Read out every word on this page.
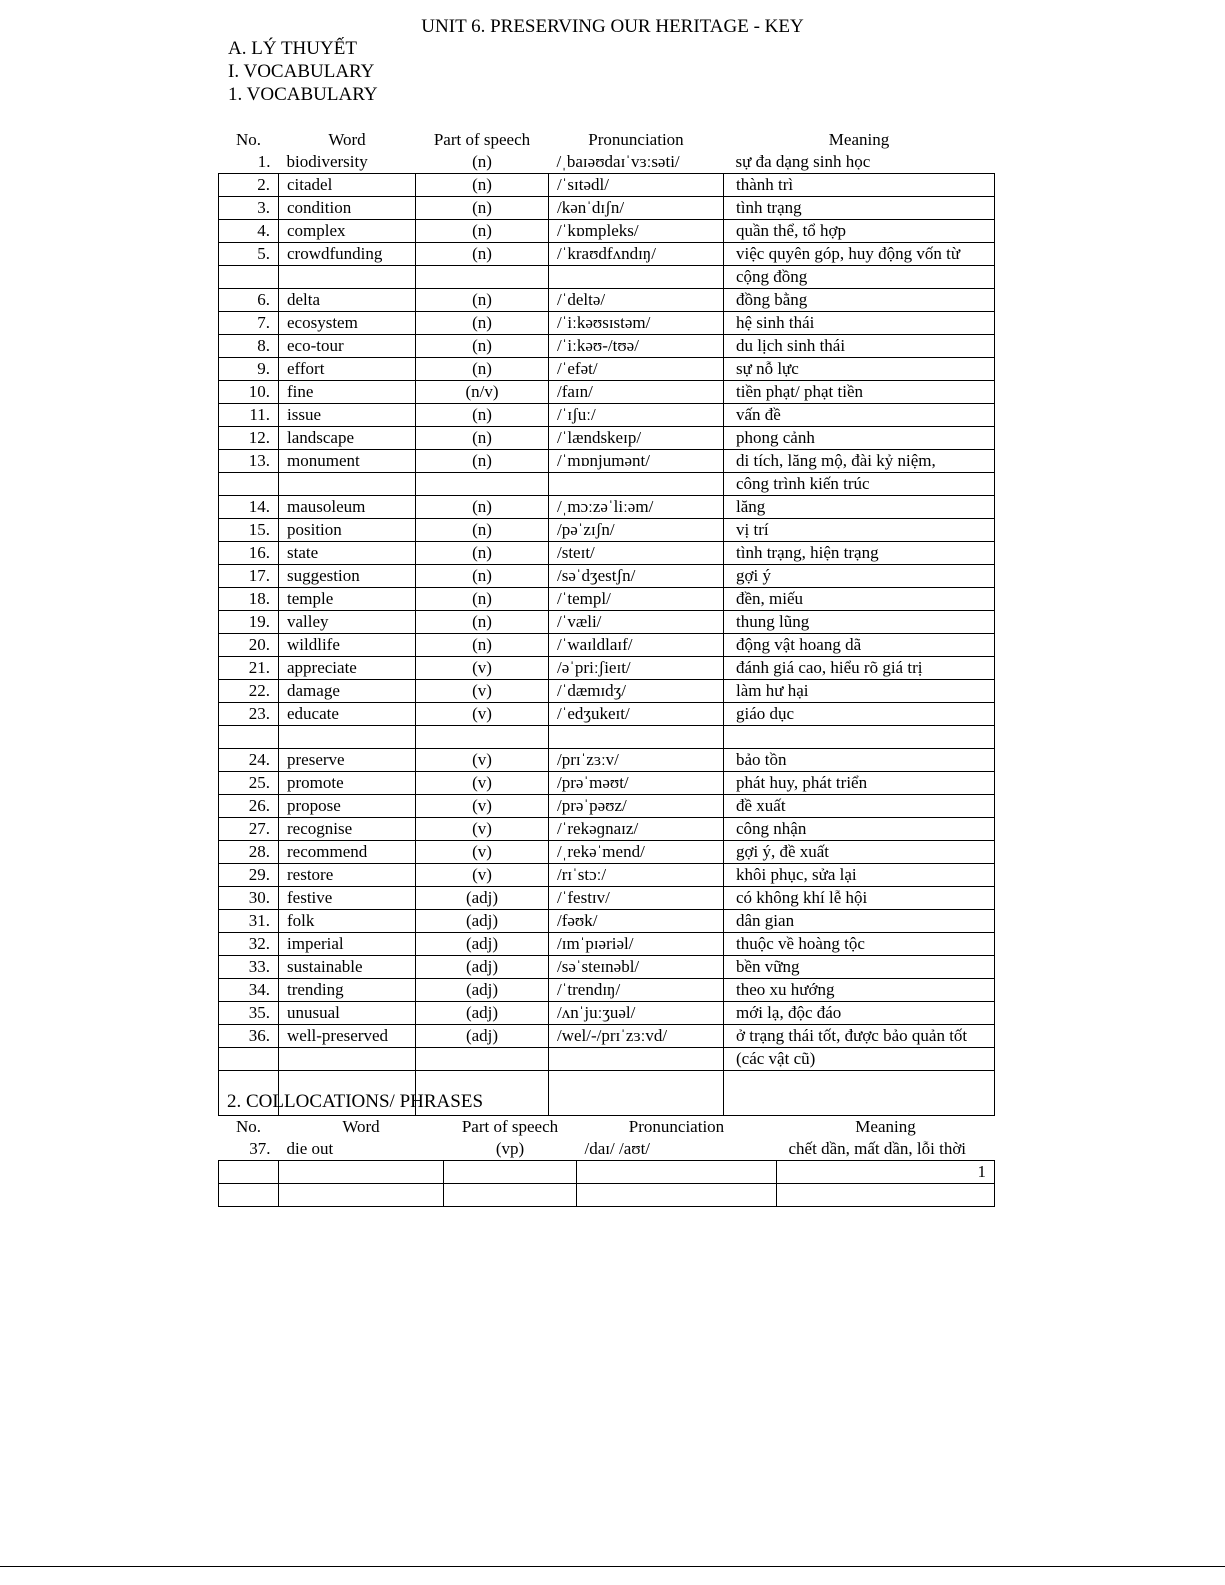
UNIT 6. PRESERVING OUR HERITAGE - KEY
A. LÝ THUYẾT
I. VOCABULARY
1. VOCABULARY
No.	Word	Part of speech	Pronunciation	Meaning
1.	biodiversity	(n)	/ˌbaɪəʊdaɪˈvɜːsəti/	sự đa dạng sinh học
2.	citadel	(n)	/ˈsɪtədl/	thành trì
3.	condition	(n)	/kənˈdɪʃn/	tình trạng
4.	complex	(n)	/ˈkɒmpleks/	quần thể, tổ hợp
5.	crowdfunding	(n)	/ˈkraʊdfʌndɪŋ/	việc quyên góp, huy động vốn từ
				cộng đồng
6.	delta	(n)	/ˈdeltə/	đồng bằng
7.	ecosystem	(n)	/ˈiːkəʊsɪstəm/	hệ sinh thái
8.	eco-tour	(n)	/ˈiːkəʊ-/tʊə/	du lịch sinh thái
9.	effort	(n)	/ˈefət/	sự nỗ lực
10.	fine	(n/v)	/faɪn/	tiền phạt/ phạt tiền
11.	issue	(n)	/ˈɪʃuː/	vấn đề
12.	landscape	(n)	/ˈlændskeɪp/	phong cảnh
13.	monument	(n)	/ˈmɒnjumənt/	di tích, lăng mộ, đài kỷ niệm,
				công trình kiến trúc
14.	mausoleum	(n)	/ˌmɔːzəˈliːəm/	lăng
15.	position	(n)	/pəˈzɪʃn/	vị trí
16.	state	(n)	/steɪt/	tình trạng, hiện trạng
17.	suggestion	(n)	/səˈdʒestʃn/	gợi ý
18.	temple	(n)	/ˈtempl/	đền, miếu
19.	valley	(n)	/ˈvæli/	thung lũng
20.	wildlife	(n)	/ˈwaɪldlaɪf/	động vật hoang dã
21.	appreciate	(v)	/əˈpriːʃieɪt/	đánh giá cao, hiểu rõ giá trị
22.	damage	(v)	/ˈdæmɪdʒ/	làm hư hại
23.	educate	(v)	/ˈedʒukeɪt/	giáo dục

24.	preserve	(v)	/prɪˈzɜːv/	bảo tồn
25.	promote	(v)	/prəˈməʊt/	phát huy, phát triển
26.	propose	(v)	/prəˈpəʊz/	đề xuất
27.	recognise	(v)	/ˈrekəɡnaɪz/	công nhận
28.	recommend	(v)	/ˌrekəˈmend/	gợi ý, đề xuất
29.	restore	(v)	/rɪˈstɔː/	khôi phục, sửa lại
30.	festive	(adj)	/ˈfestɪv/	có không khí lễ hội
31.	folk	(adj)	/fəʊk/	dân gian
32.	imperial	(adj)	/ɪmˈpɪəriəl/	thuộc về hoàng tộc
33.	sustainable	(adj)	/səˈsteɪnəbl/	bền vững
34.	trending	(adj)	/ˈtrendɪŋ/	theo xu hướng
35.	unusual	(adj)	/ʌnˈjuːʒuəl/	mới lạ, độc đáo
36.	well-preserved	(adj)	/wel/-/prɪˈzɜːvd/	ở trạng thái tốt, được bảo quản tốt
				(các vật cũ)

2. COLLOCATIONS/ PHRASES
No.	Word	Part of speech	Pronunciation	Meaning
37.	die out	(vp)	/daɪ/ /aʊt/	chết dần, mất dần, lỗi thời
				1
